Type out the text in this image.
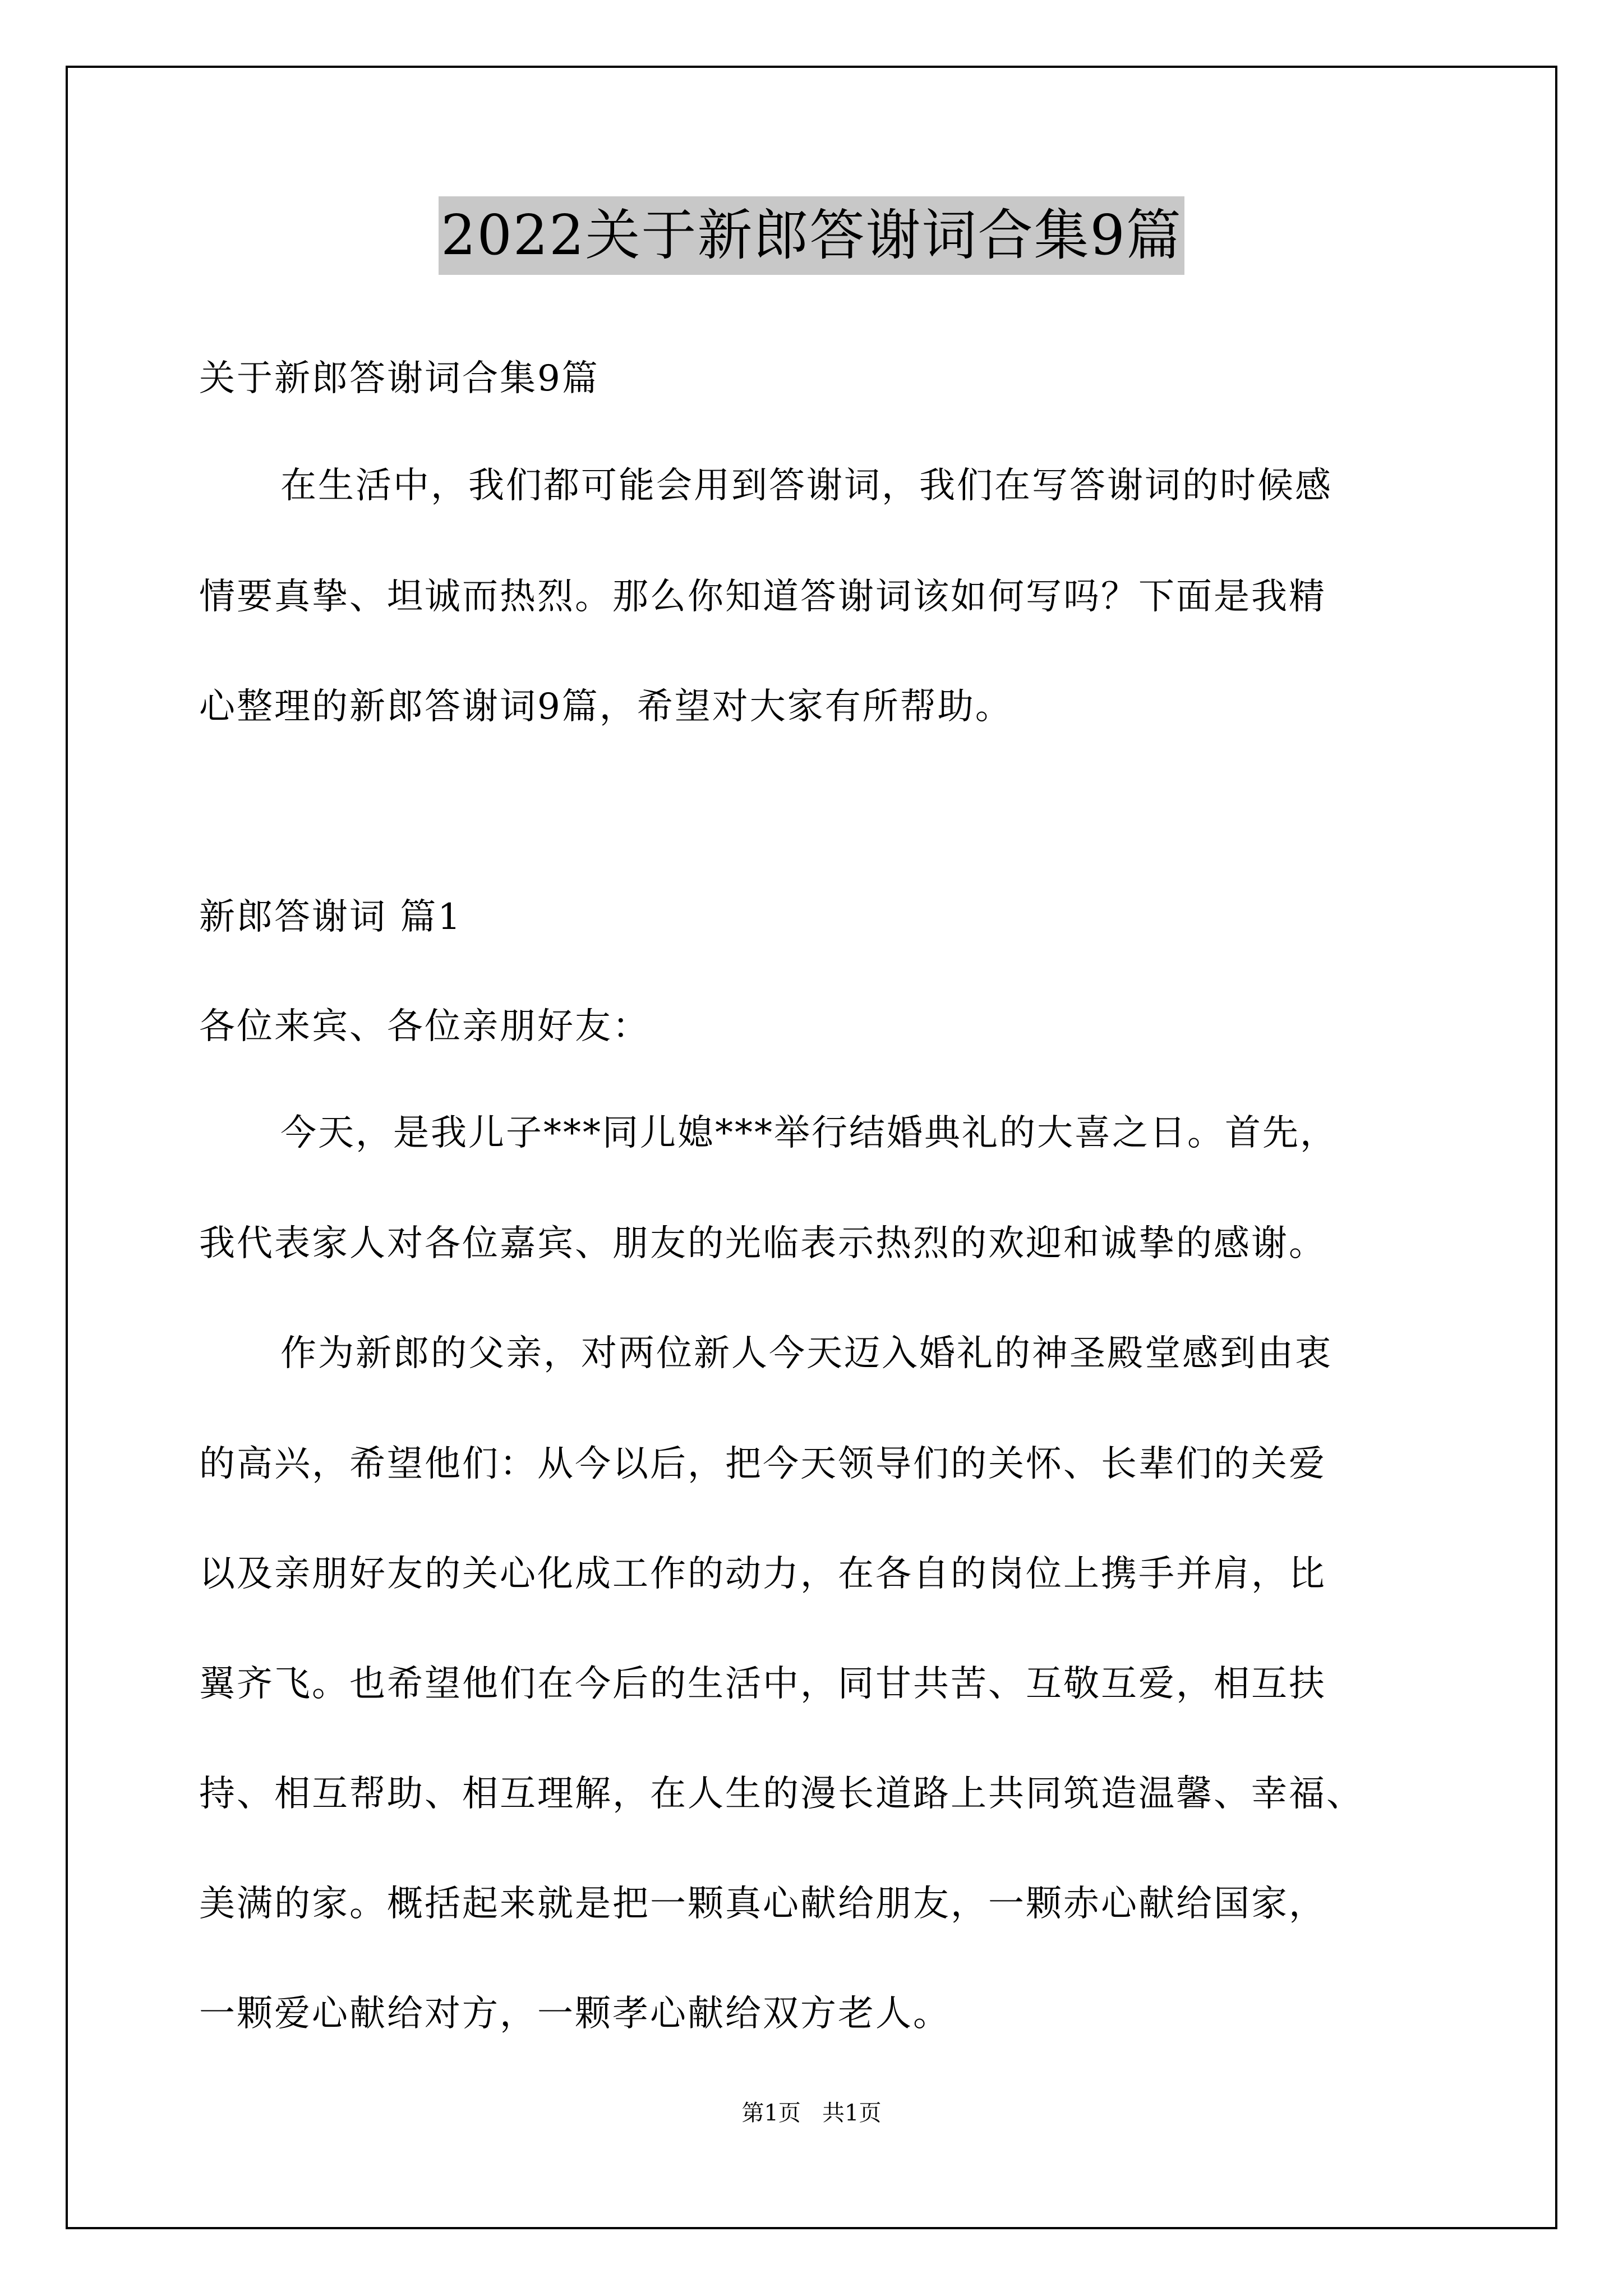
2022关于新郎答谢词合集9篇
关于新郎答谢词合集9篇
在生活中，我们都可能会用到答谢词，我们在写答谢词的时候感
情要真挚、坦诚而热烈。那么你知道答谢词该如何写吗？下面是我精
心整理的新郎答谢词9篇，希望对大家有所帮助。
新郎答谢词 篇1
各位来宾、各位亲朋好友：
今天，是我儿子***同儿媳***举行结婚典礼的大喜之日。首先，
我代表家人对各位嘉宾、朋友的光临表示热烈的欢迎和诚挚的感谢。
作为新郎的父亲，对两位新人今天迈入婚礼的神圣殿堂感到由衷
的高兴，希望他们：从今以后，把今天领导们的关怀、长辈们的关爱
以及亲朋好友的关心化成工作的动力，在各自的岗位上携手并肩，比
翼齐飞。也希望他们在今后的生活中，同甘共苦、互敬互爱，相互扶
持、相互帮助、相互理解，在人生的漫长道路上共同筑造温馨、幸福、
美满的家。概括起来就是把一颗真心献给朋友，一颗赤心献给国家，
一颗爱心献给对方，一颗孝心献给双方老人。
第1页   共1页
